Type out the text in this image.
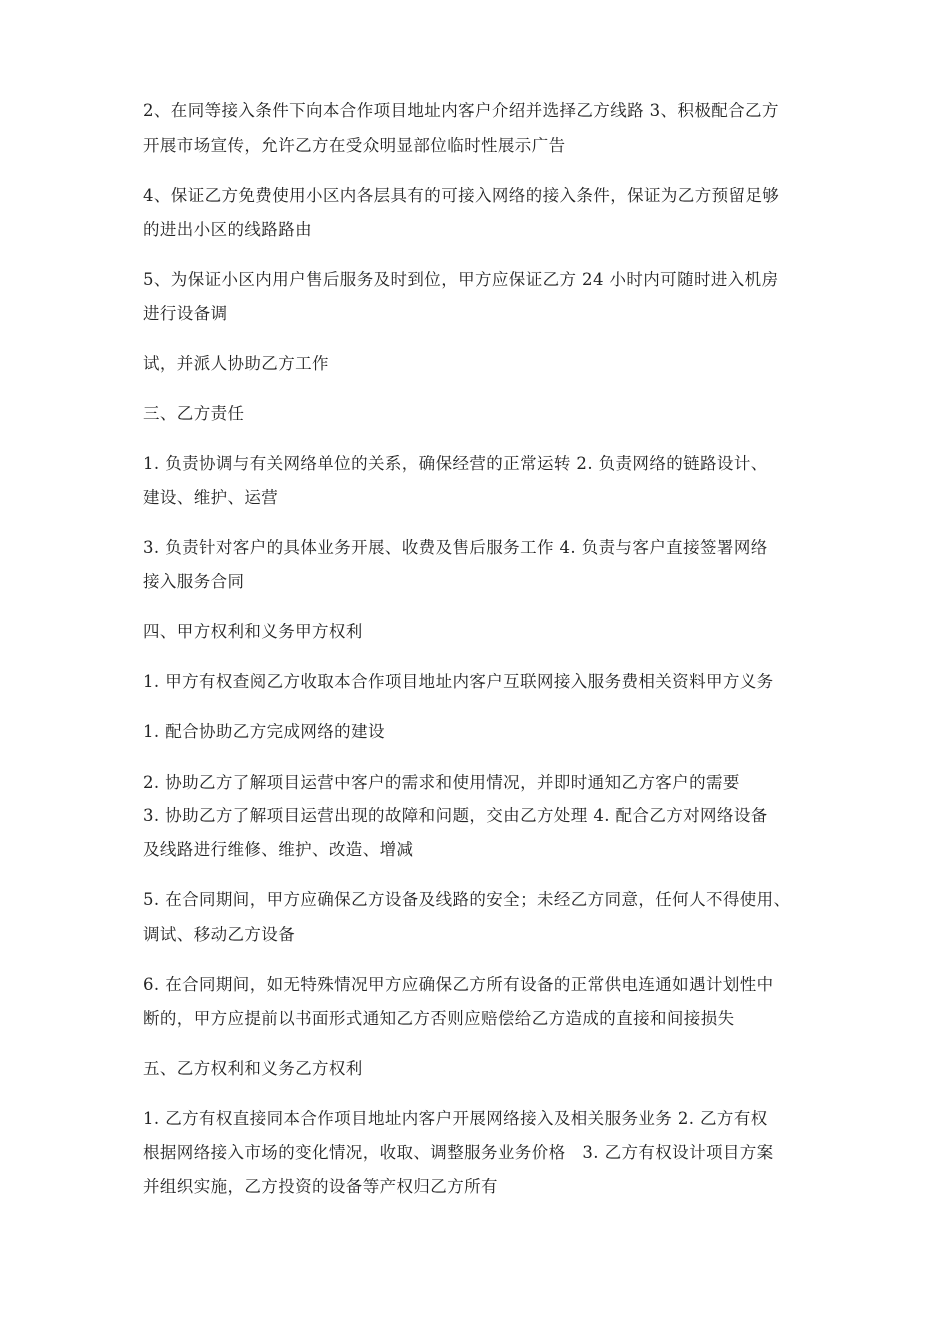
2、在同等接入条件下向本合作项目地址内客户介绍并选择乙方线路 3、积极配合乙方

开展市场宣传，允许乙方在受众明显部位临时性展示广告

4、保证乙方免费使用小区内各层具有的可接入网络的接入条件，保证为乙方预留足够

的进出小区的线路路由

5、为保证小区内用户售后服务及时到位，甲方应保证乙方 24 小时内可随时进入机房

进行设备调

试，并派人协助乙方工作

三、乙方责任

1. 负责协调与有关网络单位的关系，确保经营的正常运转 2. 负责网络的链路设计、

建设、维护、运营

3. 负责针对客户的具体业务开展、收费及售后服务工作 4. 负责与客户直接签署网络

接入服务合同

四、甲方权利和义务甲方权利

1. 甲方有权查阅乙方收取本合作项目地址内客户互联网接入服务费相关资料甲方义务

1. 配合协助乙方完成网络的建设

2. 协助乙方了解项目运营中客户的需求和使用情况，并即时通知乙方客户的需要

3. 协助乙方了解项目运营出现的故障和问题，交由乙方处理 4. 配合乙方对网络设备

及线路进行维修、维护、改造、增减

5. 在合同期间，甲方应确保乙方设备及线路的安全；未经乙方同意，任何人不得使用、

调试、移动乙方设备

6. 在合同期间，如无特殊情况甲方应确保乙方所有设备的正常供电连通如遇计划性中

断的，甲方应提前以书面形式通知乙方否则应赔偿给乙方造成的直接和间接损失

五、乙方权利和义务乙方权利

1. 乙方有权直接同本合作项目地址内客户开展网络接入及相关服务业务 2. 乙方有权

根据网络接入市场的变化情况，收取、调整服务业务价格　3. 乙方有权设计项目方案

并组织实施，乙方投资的设备等产权归乙方所有
